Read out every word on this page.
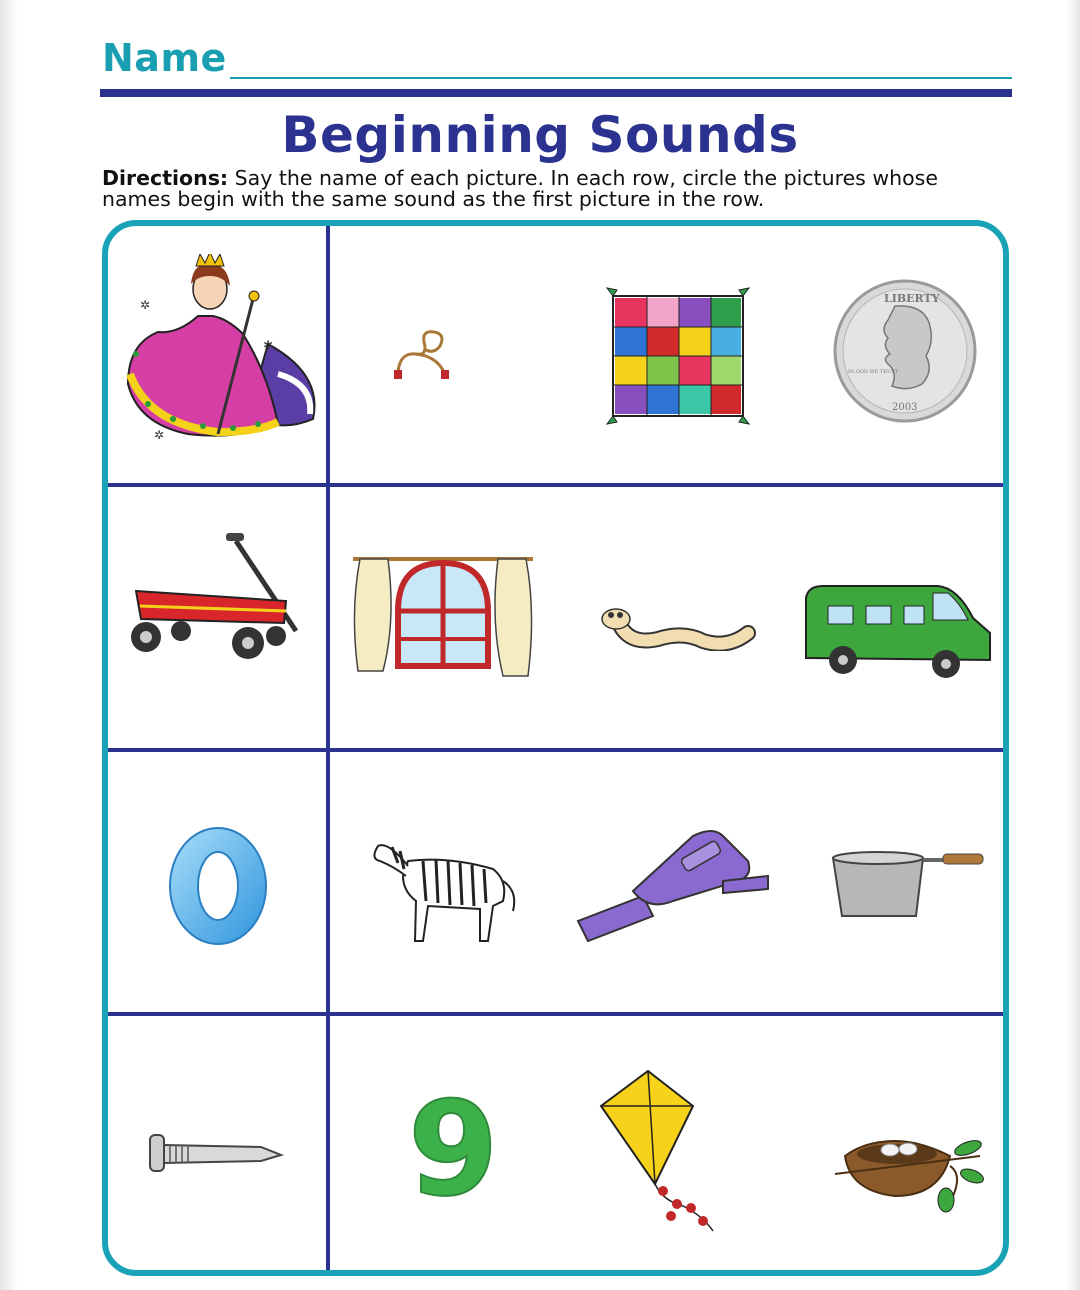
Name
Beginning Sounds
Directions: Say the name of each picture. In each row, circle the pictures whose names begin with the same sound as the first picture in the row.
✲
✲
✲
LIBERTY
IN GOD WE TRUST
2003
9
